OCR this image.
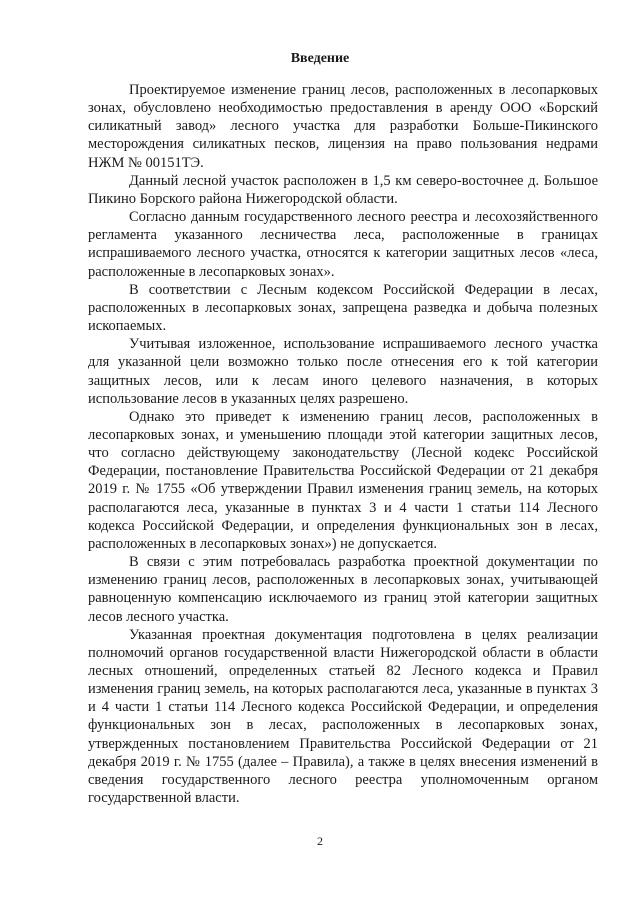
Введение

Проектируемое изменение границ лесов, расположенных в лесопарковых зонах, обусловлено необходимостью предоставления в аренду ООО «Борский силикатный завод» лесного участка для разработки Больше-Пикинского месторождения силикатных песков, лицензия на право пользования недрами НЖМ № 00151ТЭ.

Данный лесной участок расположен в 1,5 км северо-восточнее д. Большое Пикино Борского района Нижегородской области.

Согласно данным государственного лесного реестра и лесохозяйственного регламента указанного лесничества леса, расположенные в границах испрашиваемого лесного участка, относятся к категории защитных лесов «леса, расположенные в лесопарковых зонах».

В соответствии с Лесным кодексом Российской Федерации в лесах, расположенных в лесопарковых зонах, запрещена разведка и добыча полезных ископаемых.

Учитывая изложенное, использование испрашиваемого лесного участка для указанной цели возможно только после отнесения его к той категории защитных лесов, или к лесам иного целевого назначения, в которых использование лесов в указанных целях разрешено.

Однако это приведет к изменению границ лесов, расположенных в лесопарковых зонах, и уменьшению площади этой категории защитных лесов, что согласно действующему законодательству (Лесной кодекс Российской Федерации, постановление Правительства Российской Федерации от 21 декабря 2019 г. № 1755 «Об утверждении Правил изменения границ земель, на которых располагаются леса, указанные в пунктах 3 и 4 части 1 статьи 114 Лесного кодекса Российской Федерации, и определения функциональных зон в лесах, расположенных в лесопарковых зонах») не допускается.

В связи с этим потребовалась разработка проектной документации по изменению границ лесов, расположенных в лесопарковых зонах, учитывающей равноценную компенсацию исключаемого из границ этой категории защитных лесов лесного участка.

Указанная проектная документация подготовлена в целях реализации полномочий органов государственной власти Нижегородской области в области лесных отношений, определенных статьей 82 Лесного кодекса и Правил изменения границ земель, на которых располагаются леса, указанные в пунктах 3 и 4 части 1 статьи 114 Лесного кодекса Российской Федерации, и определения функциональных зон в лесах, расположенных в лесопарковых зонах, утвержденных постановлением Правительства Российской Федерации от 21 декабря 2019 г. № 1755 (далее – Правила), а также в целях внесения изменений в сведения государственного лесного реестра уполномоченным органом государственной власти.

2
